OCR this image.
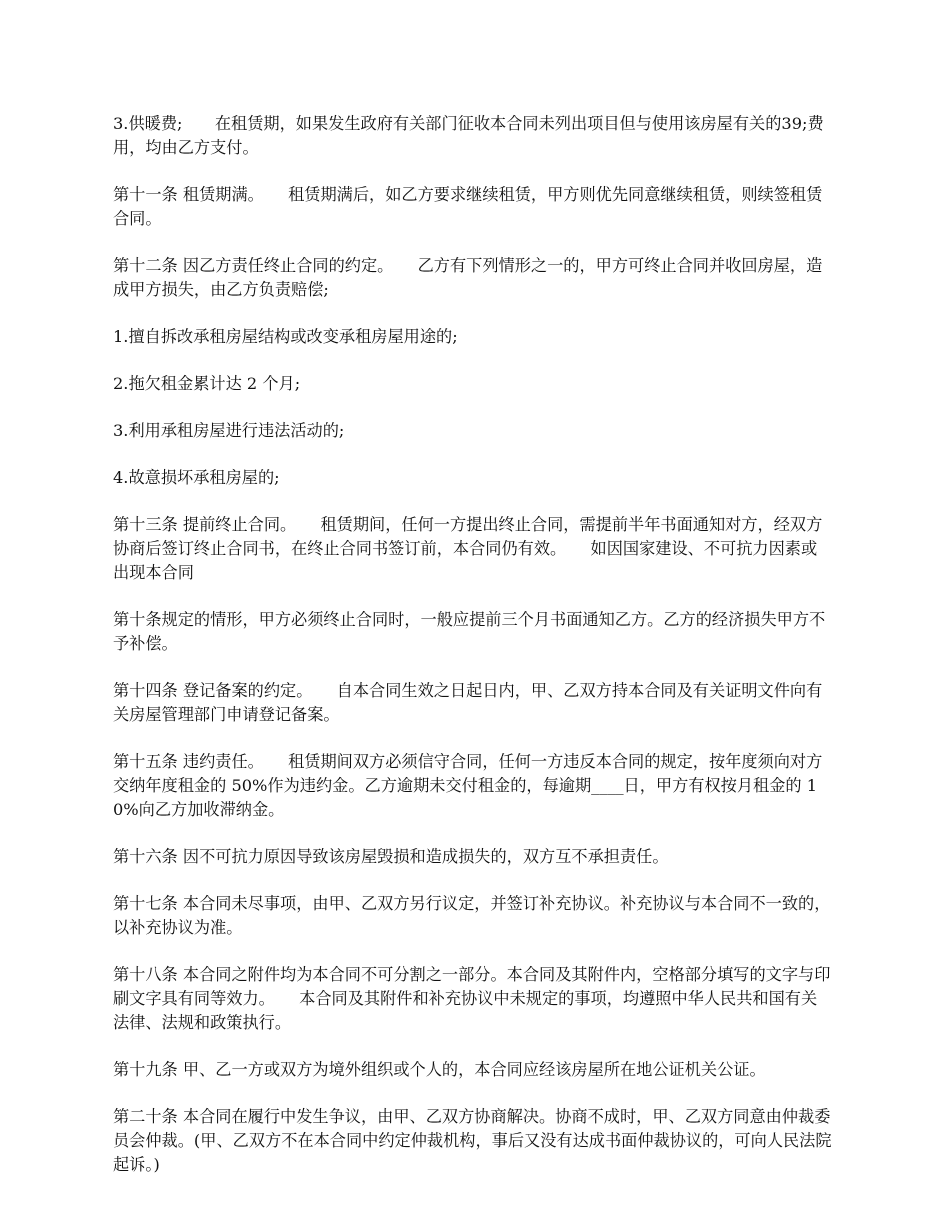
3.供暖费;　　在租赁期，如果发生政府有关部门征收本合同未列出项目但与使用该房屋有关的39;费用，均由乙方支付。

第十一条 租赁期满。　　租赁期满后，如乙方要求继续租赁，甲方则优先同意继续租赁，则续签租赁合同。

第十二条 因乙方责任终止合同的约定。　　乙方有下列情形之一的，甲方可终止合同并收回房屋，造成甲方损失，由乙方负责赔偿;

1.擅自拆改承租房屋结构或改变承租房屋用途的;

2.拖欠租金累计达 2 个月;

3.利用承租房屋进行违法活动的;

4.故意损坏承租房屋的;

第十三条 提前终止合同。　　租赁期间，任何一方提出终止合同，需提前半年书面通知对方，经双方协商后签订终止合同书，在终止合同书签订前，本合同仍有效。　　如因国家建设、不可抗力因素或出现本合同

第十条规定的情形，甲方必须终止合同时，一般应提前三个月书面通知乙方。乙方的经济损失甲方不予补偿。

第十四条 登记备案的约定。　　自本合同生效之日起日内，甲、乙双方持本合同及有关证明文件向有关房屋管理部门申请登记备案。

第十五条 违约责任。　　租赁期间双方必须信守合同，任何一方违反本合同的规定，按年度须向对方交纳年度租金的 50%作为违约金。乙方逾期未交付租金的，每逾期____日，甲方有权按月租金的 10%向乙方加收滞纳金。

第十六条 因不可抗力原因导致该房屋毁损和造成损失的，双方互不承担责任。

第十七条 本合同未尽事项，由甲、乙双方另行议定，并签订补充协议。补充协议与本合同不一致的，以补充协议为准。

第十八条 本合同之附件均为本合同不可分割之一部分。本合同及其附件内，空格部分填写的文字与印刷文字具有同等效力。　　本合同及其附件和补充协议中未规定的事项，均遵照中华人民共和国有关法律、法规和政策执行。

第十九条 甲、乙一方或双方为境外组织或个人的，本合同应经该房屋所在地公证机关公证。

第二十条 本合同在履行中发生争议，由甲、乙双方协商解决。协商不成时，甲、乙双方同意由仲裁委员会仲裁。(甲、乙双方不在本合同中约定仲裁机构，事后又没有达成书面仲裁协议的，可向人民法院起诉。)
